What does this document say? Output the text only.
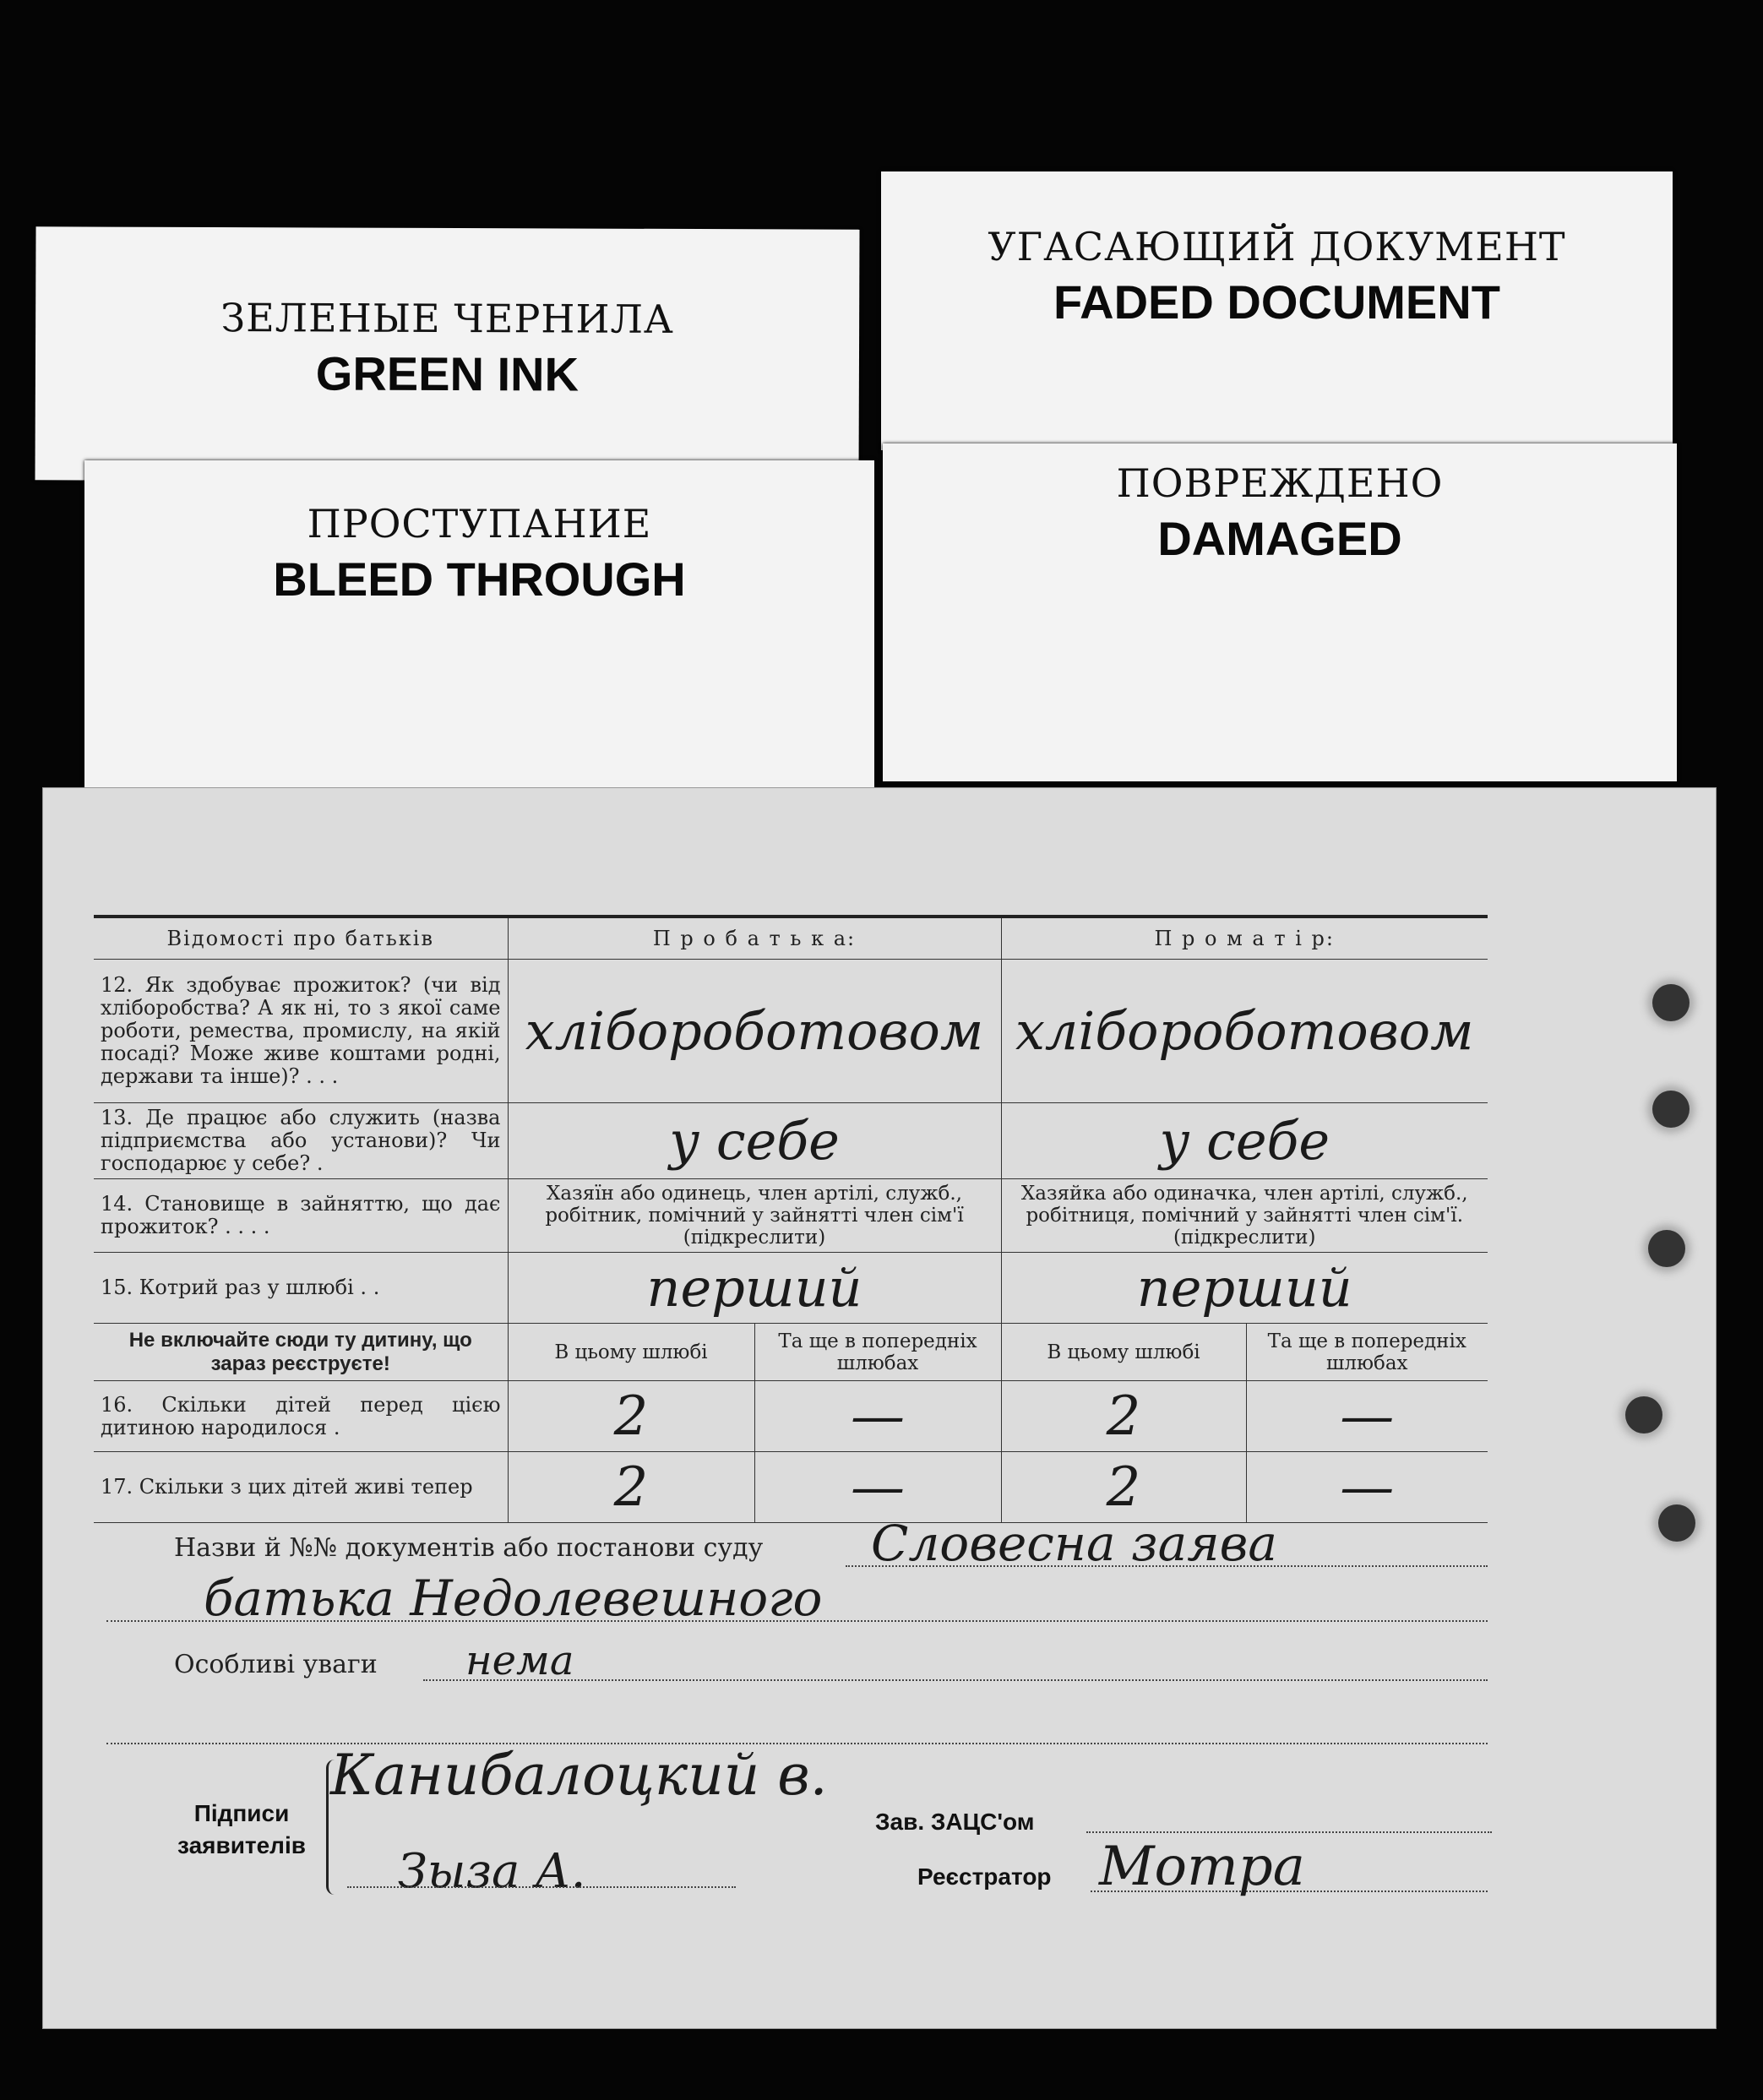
ЗЕЛЕНЫЕ ЧЕРНИЛА
GREEN INK
УГАСАЮЩИЙ ДОКУМЕНТ
FADED DOCUMENT
ПРОСТУПАНИЕ
BLEED THROUGH
ПОВРЕЖДЕНО
DAMAGED
Відомості про батьків	П р о б а т ь к а:		П р о м а т і р:	
12. Як здобуває прожиток? (чи від хліборобства? А як ні, то з якої саме роботи, ремества, промислу, на якій посаді? Може живе коштами родні, держави та інше)? . . .	хлібороботовом		хлібороботовом	
13. Де працює або служить (назва підприємства або установи)? Чи господарює у себе? .	у себе		у себе	
14. Становище в зайняттю, що дає прожиток? . . . .	Хазяїн або одинець, член артілі, служб., робітник, помічний у зайнятті член сім'ї (підкреслити)		Хазяйка або одиначка, член артілі, служб., робітниця, помічний у зайнятті член сім'ї. (підкреслити)	
15. Котрий раз у шлюбі . .	перший		перший	
Не включайте сюди ту дитину, що зараз реєструєте!	В цьому шлюбі	Та ще в попередніх шлюбах	В цьому шлюбі	Та ще в попередніх шлюбах
16. Скільки дітей перед цією дитиною народилося .	2	—	2	—
17. Скільки з цих дітей живі тепер	2	—	2	—
Назви й №№ документів або постанови суду Словесна заява
батька Недолевешного
Особливі уваги нема
Канибалоцкий в.
Підписи заявителів	Зыза А.
Зав. ЗАЦС'ом
Реєстратор Мотра
